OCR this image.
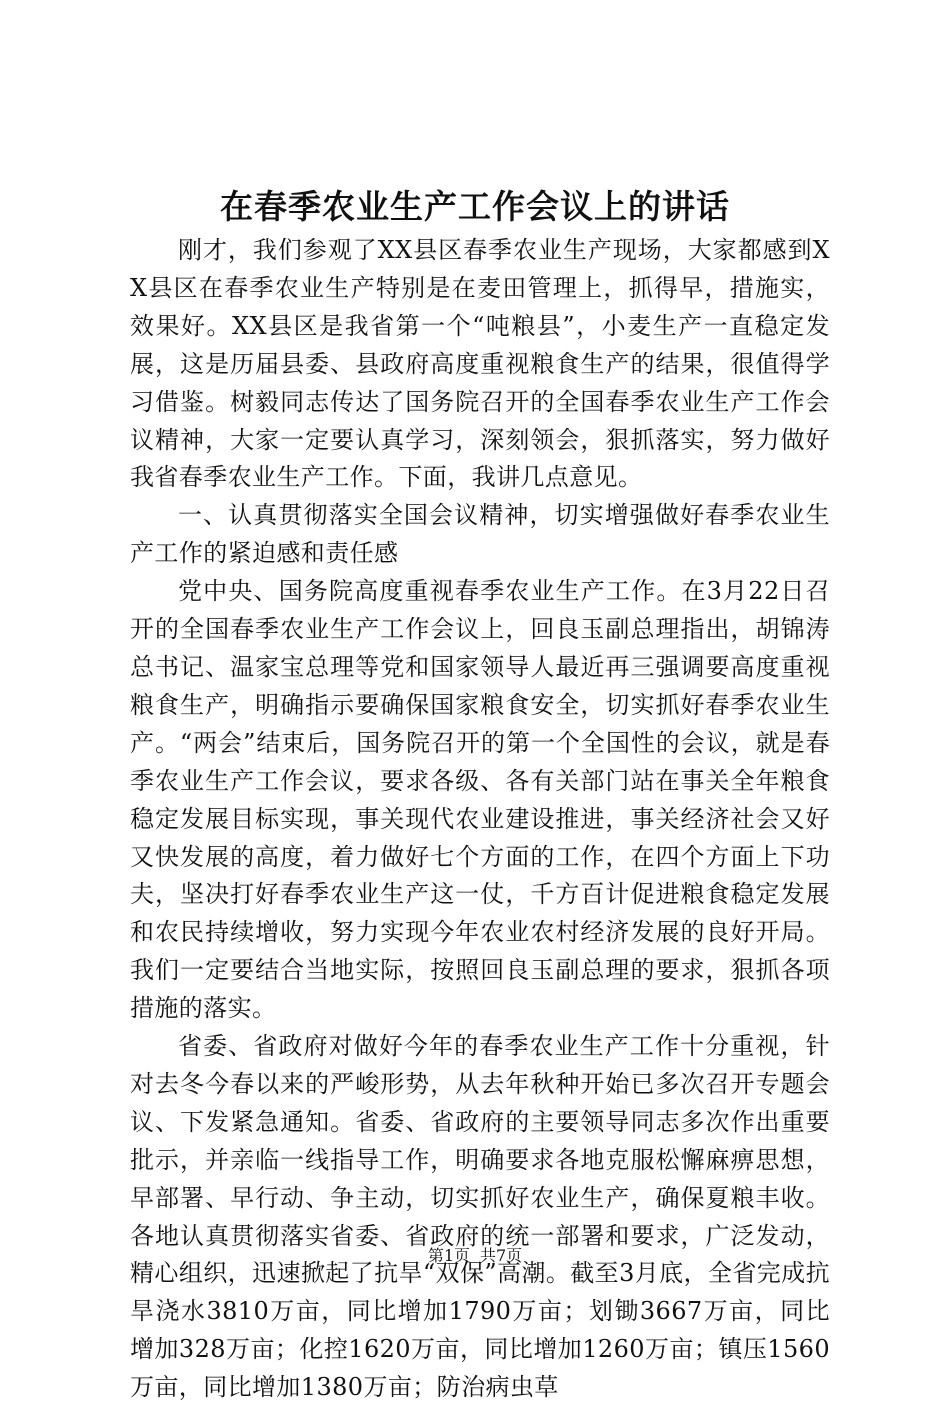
在春季农业生产工作会议上的讲话

刚才，我们参观了XX县区春季农业生产现场，大家都感到XX县区在春季农业生产特别是在麦田管理上，抓得早，措施实，效果好。XX县区是我省第一个“吨粮县”，小麦生产一直稳定发展，这是历届县委、县政府高度重视粮食生产的结果，很值得学习借鉴。树毅同志传达了国务院召开的全国春季农业生产工作会议精神，大家一定要认真学习，深刻领会，狠抓落实，努力做好我省春季农业生产工作。下面，我讲几点意见。

一、认真贯彻落实全国会议精神，切实增强做好春季农业生产工作的紧迫感和责任感

党中央、国务院高度重视春季农业生产工作。在3月22日召开的全国春季农业生产工作会议上，回良玉副总理指出，胡锦涛总书记、温家宝总理等党和国家领导人最近再三强调要高度重视粮食生产，明确指示要确保国家粮食安全，切实抓好春季农业生产。“两会”结束后，国务院召开的第一个全国性的会议，就是春季农业生产工作会议，要求各级、各有关部门站在事关全年粮食稳定发展目标实现，事关现代农业建设推进，事关经济社会又好又快发展的高度，着力做好七个方面的工作，在四个方面上下功夫，坚决打好春季农业生产这一仗，千方百计促进粮食稳定发展和农民持续增收，努力实现今年农业农村经济发展的良好开局。我们一定要结合当地实际，按照回良玉副总理的要求，狠抓各项措施的落实。

省委、省政府对做好今年的春季农业生产工作十分重视，针对去冬今春以来的严峻形势，从去年秋种开始已多次召开专题会议、下发紧急通知。省委、省政府的主要领导同志多次作出重要批示，并亲临一线指导工作，明确要求各地克服松懈麻痹思想，早部署、早行动、争主动，切实抓好农业生产，确保夏粮丰收。各地认真贯彻落实省委、省政府的统一部署和要求，广泛发动，精心组织，迅速掀起了抗旱“双保”高潮。截至3月底，全省完成抗旱浇水3810万亩，同比增加1790万亩；划锄3667万亩，同比增加328万亩；化控1620万亩，同比增加1260万亩；镇压1560万亩，同比增加1380万亩；防治病虫草

第1页 共7页
